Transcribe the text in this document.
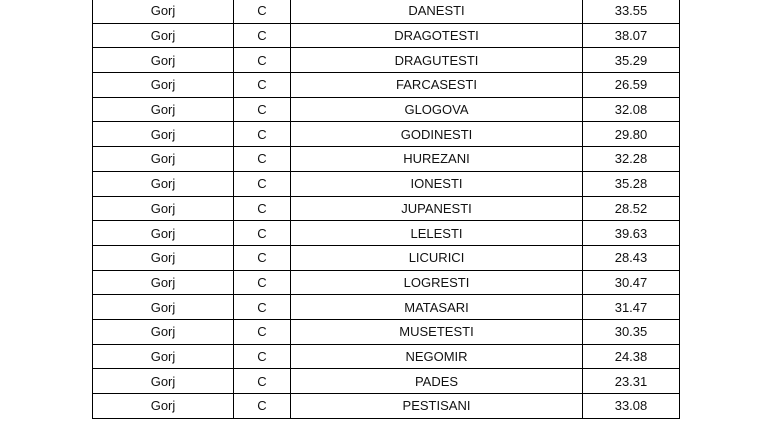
Gorj	C	DANESTI	33.55
Gorj	C	DRAGOTESTI	38.07
Gorj	C	DRAGUTESTI	35.29
Gorj	C	FARCASESTI	26.59
Gorj	C	GLOGOVA	32.08
Gorj	C	GODINESTI	29.80
Gorj	C	HUREZANI	32.28
Gorj	C	IONESTI	35.28
Gorj	C	JUPANESTI	28.52
Gorj	C	LELESTI	39.63
Gorj	C	LICURICI	28.43
Gorj	C	LOGRESTI	30.47
Gorj	C	MATASARI	31.47
Gorj	C	MUSETESTI	30.35
Gorj	C	NEGOMIR	24.38
Gorj	C	PADES	23.31
Gorj	C	PESTISANI	33.08
